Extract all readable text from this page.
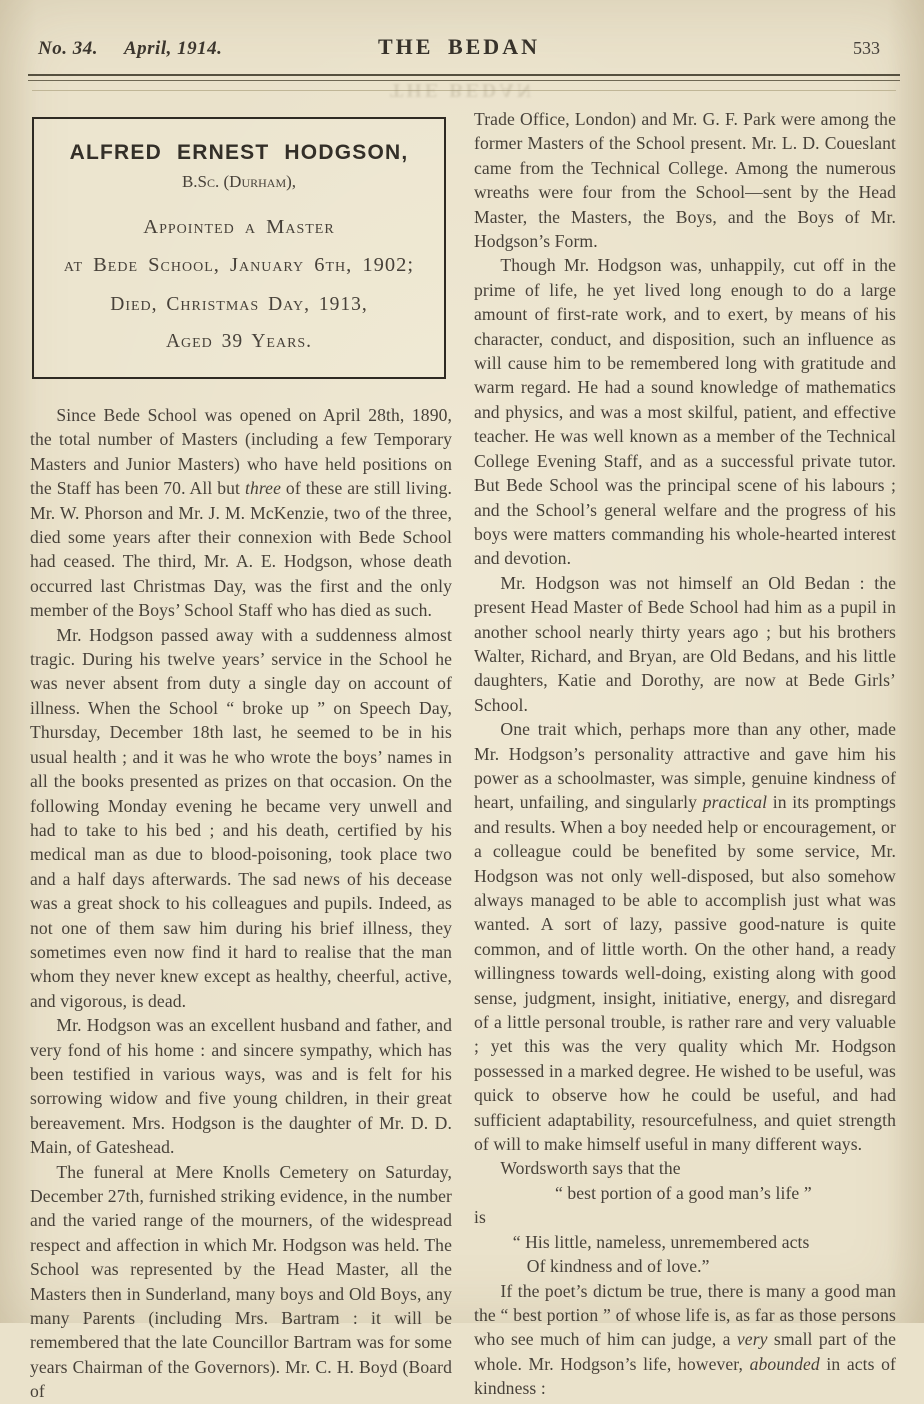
THE BEDAN
No. 34. April, 1914.	THE BEDAN	533
ALFRED ERNEST HODGSON,
B.Sc. (Durham),
Appointed a Master
at Bede School, January 6th, 1902;
Died, Christmas Day, 1913,
Aged 39 Years.

Since Bede School was opened on April 28th, 1890, the total number of Masters (including a few Temporary Masters and Junior Masters) who have held positions on the Staff has been 70. All but three of these are still living. Mr. W. Phorson and Mr. J. M. McKenzie, two of the three, died some years after their connexion with Bede School had ceased. The third, Mr. A. E. Hodgson, whose death occurred last Christmas Day, was the first and the only member of the Boys’ School Staff who has died as such.

Mr. Hodgson passed away with a suddenness almost tragic. During his twelve years’ service in the School he was never absent from duty a single day on account of illness. When the School “ broke up ” on Speech Day, Thursday, December 18th last, he seemed to be in his usual health ; and it was he who wrote the boys’ names in all the books presented as prizes on that occasion. On the following Monday evening he became very unwell and had to take to his bed ; and his death, certified by his medical man as due to blood-poisoning, took place two and a half days afterwards. The sad news of his decease was a great shock to his colleagues and pupils. Indeed, as not one of them saw him during his brief illness, they sometimes even now find it hard to realise that the man whom they never knew except as healthy, cheerful, active, and vigorous, is dead.

Mr. Hodgson was an excellent husband and father, and very fond of his home : and sincere sympathy, which has been testified in various ways, was and is felt for his sorrowing widow and five young children, in their great bereavement. Mrs. Hodgson is the daughter of Mr. D. D. Main, of Gateshead.

The funeral at Mere Knolls Cemetery on Saturday, December 27th, furnished striking evidence, in the number and the varied range of the mourners, of the widespread respect and affection in which Mr. Hodgson was held. The School was represented by the Head Master, all the Masters then in Sunderland, many boys and Old Boys, any many Parents (including Mrs. Bartram : it will be remembered that the late Councillor Bartram was for some years Chairman of the Governors). Mr. C. H. Boyd (Board of

Trade Office, London) and Mr. G. F. Park were among the former Masters of the School present. Mr. L. D. Coueslant came from the Technical College. Among the numerous wreaths were four from the School—sent by the Head Master, the Masters, the Boys, and the Boys of Mr. Hodgson’s Form.

Though Mr. Hodgson was, unhappily, cut off in the prime of life, he yet lived long enough to do a large amount of first-rate work, and to exert, by means of his character, conduct, and disposition, such an influence as will cause him to be remembered long with gratitude and warm regard. He had a sound knowledge of mathematics and physics, and was a most skilful, patient, and effective teacher. He was well known as a member of the Technical College Evening Staff, and as a successful private tutor. But Bede School was the principal scene of his labours ; and the School’s general welfare and the progress of his boys were matters commanding his whole-hearted interest and devotion.

Mr. Hodgson was not himself an Old Bedan : the present Head Master of Bede School had him as a pupil in another school nearly thirty years ago ; but his brothers Walter, Richard, and Bryan, are Old Bedans, and his little daughters, Katie and Dorothy, are now at Bede Girls’ School.

One trait which, perhaps more than any other, made Mr. Hodgson’s personality attractive and gave him his power as a schoolmaster, was simple, genuine kindness of heart, unfailing, and singularly practical in its promptings and results. When a boy needed help or encouragement, or a colleague could be benefited by some service, Mr. Hodgson was not only well-disposed, but also somehow always managed to be able to accomplish just what was wanted. A sort of lazy, passive good-nature is quite common, and of little worth. On the other hand, a ready willingness towards well-doing, existing along with good sense, judgment, insight, initiative, energy, and disregard of a little personal trouble, is rather rare and very valuable ; yet this was the very quality which Mr. Hodgson possessed in a marked degree. He wished to be useful, was quick to observe how he could be useful, and had sufficient adaptability, resourcefulness, and quiet strength of will to make himself useful in many different ways.

Wordsworth says that the

“ best portion of a good man’s life ”

is

“ His little, nameless, unremembered acts

Of kindness and of love.”

If the poet’s dictum be true, there is many a good man the “ best portion ” of whose life is, as far as those persons who see much of him can judge, a very small part of the whole. Mr. Hodgson’s life, however, abounded in acts of kindness :
